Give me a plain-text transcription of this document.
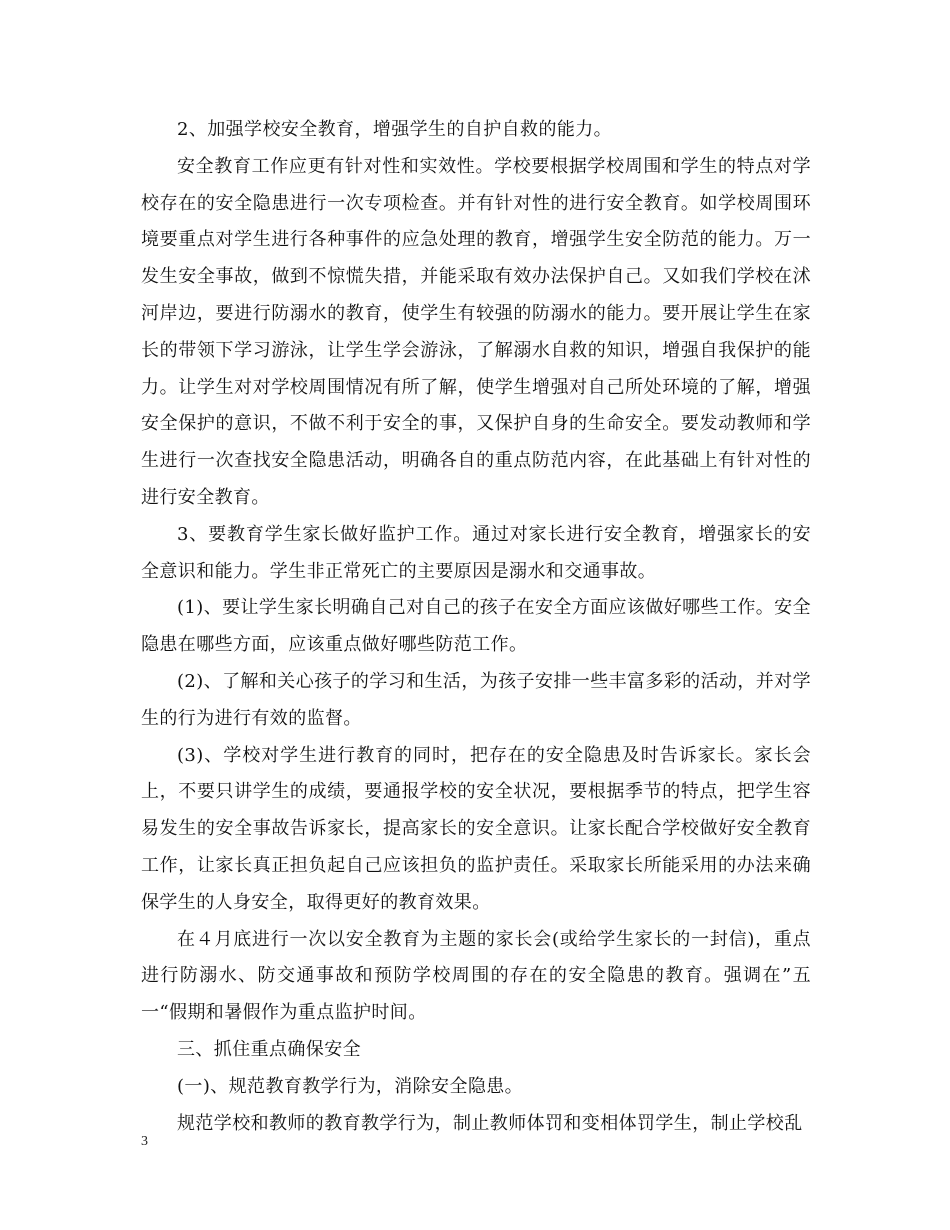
2、加强学校安全教育，增强学生的自护自救的能力。

安全教育工作应更有针对性和实效性。学校要根据学校周围和学生的特点对学校存在的安全隐患进行一次专项检查。并有针对性的进行安全教育。如学校周围环境要重点对学生进行各种事件的应急处理的教育，增强学生安全防范的能力。万一发生安全事故，做到不惊慌失措，并能采取有效办法保护自己。又如我们学校在沭河岸边，要进行防溺水的教育，使学生有较强的防溺水的能力。要开展让学生在家长的带领下学习游泳，让学生学会游泳，了解溺水自救的知识，增强自我保护的能力。让学生对对学校周围情况有所了解，使学生增强对自己所处环境的了解，增强安全保护的意识，不做不利于安全的事，又保护自身的生命安全。要发动教师和学生进行一次查找安全隐患活动，明确各自的重点防范内容，在此基础上有针对性的进行安全教育。

3、要教育学生家长做好监护工作。通过对家长进行安全教育，增强家长的安全意识和能力。学生非正常死亡的主要原因是溺水和交通事故。

(1)、要让学生家长明确自己对自己的孩子在安全方面应该做好哪些工作。安全隐患在哪些方面，应该重点做好哪些防范工作。

(2)、了解和关心孩子的学习和生活，为孩子安排一些丰富多彩的活动，并对学生的行为进行有效的监督。

(3)、学校对学生进行教育的同时，把存在的安全隐患及时告诉家长。家长会上，不要只讲学生的成绩，要通报学校的安全状况，要根据季节的特点，把学生容易发生的安全事故告诉家长，提高家长的安全意识。让家长配合学校做好安全教育工作，让家长真正担负起自己应该担负的监护责任。采取家长所能采用的办法来确保学生的人身安全，取得更好的教育效果。

在４月底进行一次以安全教育为主题的家长会(或给学生家长的一封信)，重点进行防溺水、防交通事故和预防学校周围的存在的安全隐患的教育。强调在”五一“假期和暑假作为重点监护时间。

三、抓住重点确保安全

(一)、规范教育教学行为，消除安全隐患。

规范学校和教师的教育教学行为，制止教师体罚和变相体罚学生，制止学校乱

3
